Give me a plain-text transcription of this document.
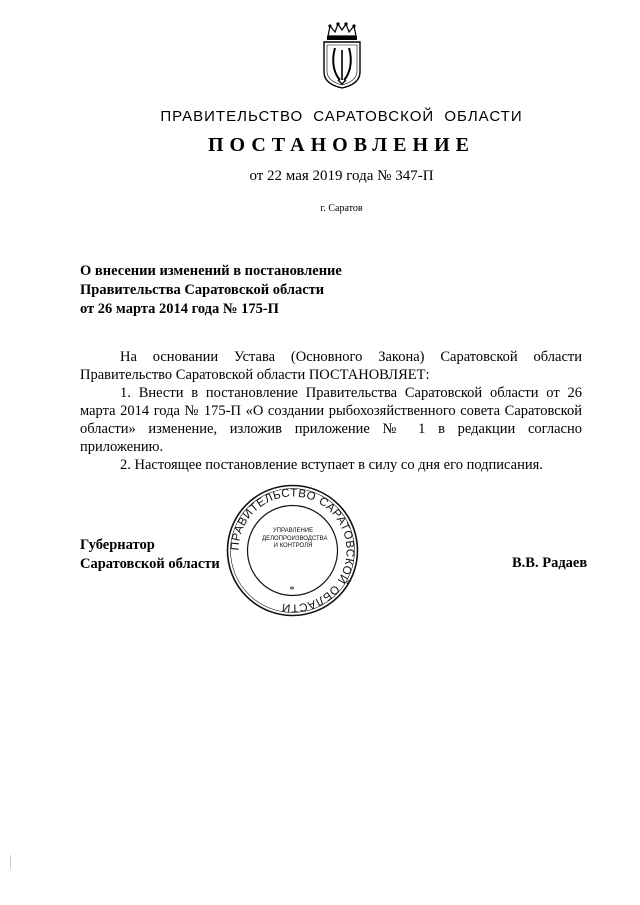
ПРАВИТЕЛЬСТВО САРАТОВСКОЙ ОБЛАСТИ
ПОСТАНОВЛЕНИЕ
от 22 мая 2019 года № 347-П
г. Саратов
О внесении изменений в постановление
Правительства Саратовской области
от 26 марта 2014 года № 175-П

На основании Устава (Основного Закона) Саратовской области Правительство Саратовской области ПОСТАНОВЛЯЕТ:

1. Внести в постановление Правительства Саратовской области от 26 марта 2014 года № 175-П «О создании рыбохозяйственного совета Саратовской области» изменение, изложив приложение № 1 в редакции согласно приложению.

2. Настоящее постановление вступает в силу со дня его подписания.

ПРАВИТЕЛЬСТВО САРАТОВСКОЙ ОБЛАСТИ
УПРАВЛЕНИЕ
ДЕЛОПРОИЗВОДСТВА
И КОНТРОЛЯ
*
Губернатор
Саратовской области	В.В. Радаев
